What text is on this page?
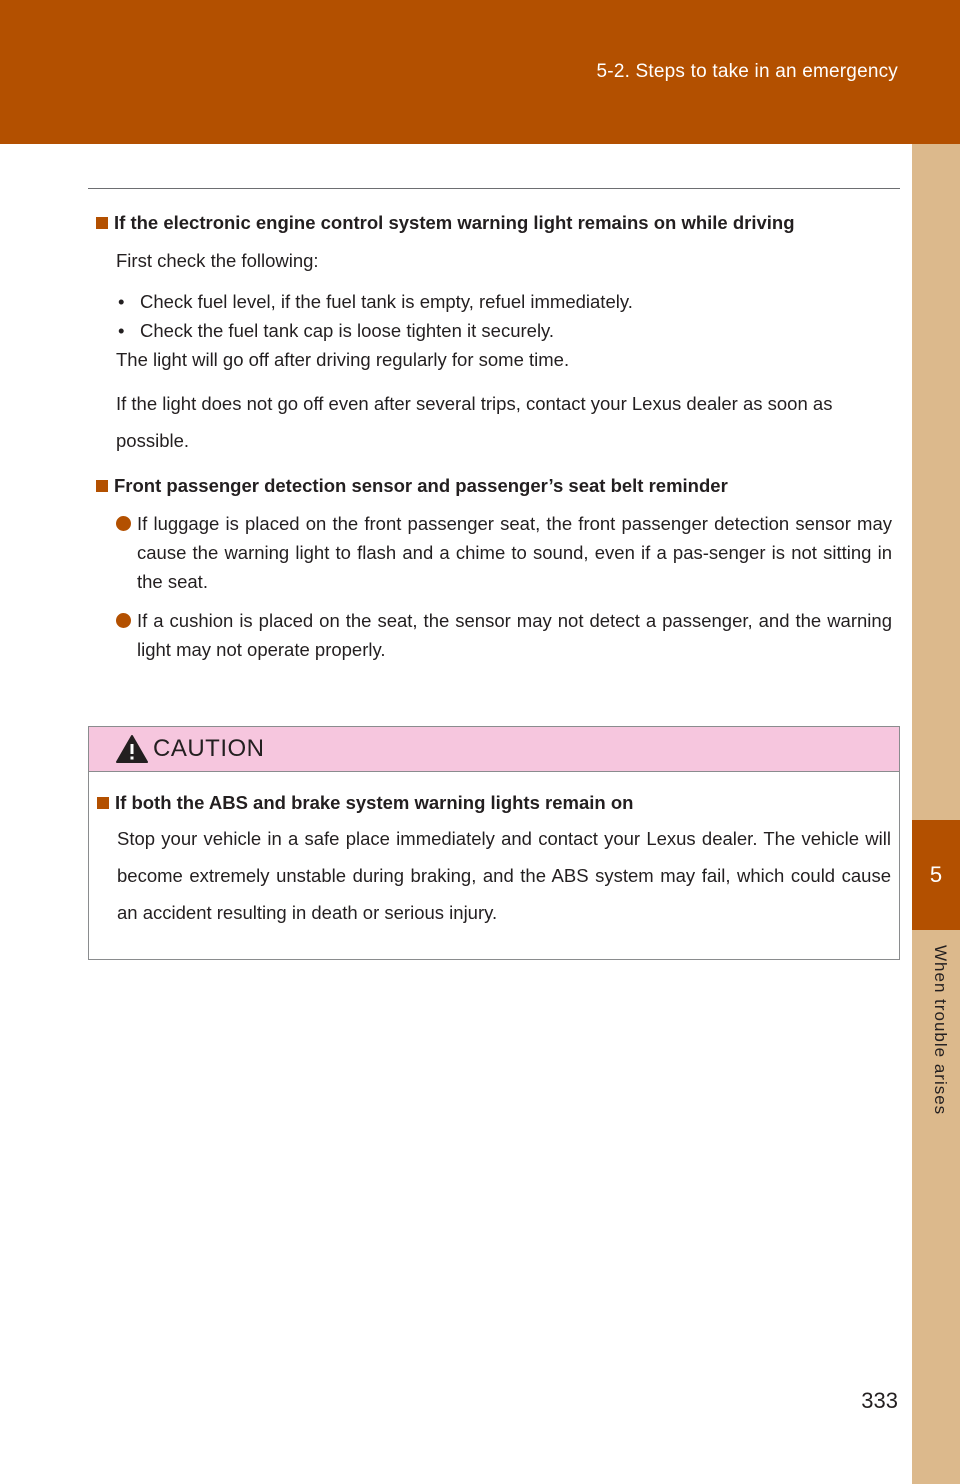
5-2. Steps to take in an emergency
5
When trouble arises
If the electronic engine control system warning light remains on while driving
First check the following:
• Check fuel level, if the fuel tank is empty, refuel immediately.
• Check the fuel tank cap is loose tighten it securely.
The light will go off after driving regularly for some time.
If the light does not go off even after several trips, contact your Lexus dealer as soon as possible.
Front passenger detection sensor and passenger’s seat belt reminder
If luggage is placed on the front passenger seat, the front passenger detection sensor may cause the warning light to flash and a chime to sound, even if a pas-senger is not sitting in the seat.
If a cushion is placed on the seat, the sensor may not detect a passenger, and the warning light may not operate properly.
CAUTION
If both the ABS and brake system warning lights remain on
Stop your vehicle in a safe place immediately and contact your Lexus dealer. The vehicle will become extremely unstable during braking, and the ABS system may fail, which could cause an accident resulting in death or serious injury.
333
